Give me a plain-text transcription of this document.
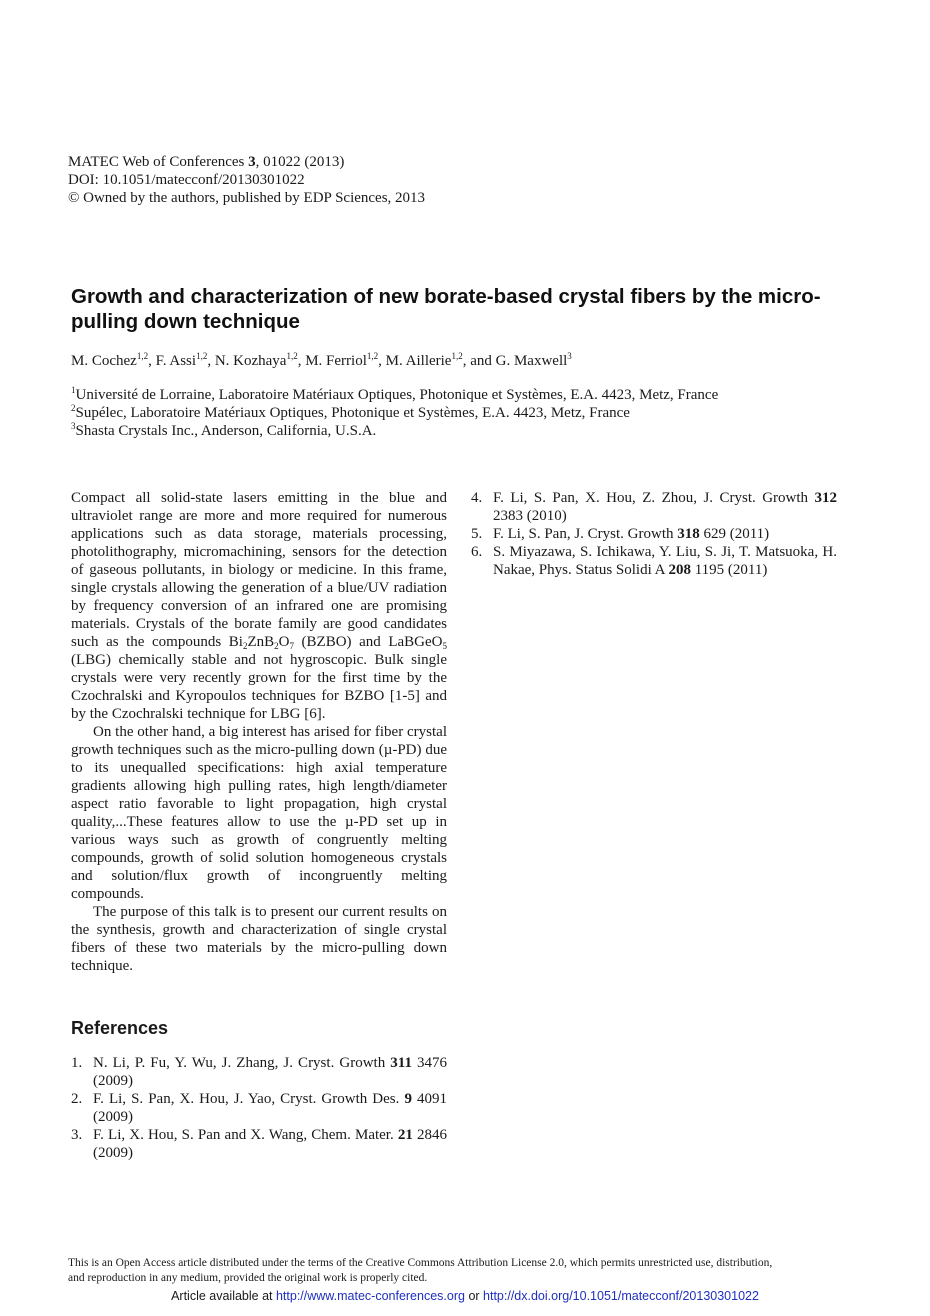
MATEC Web of Conferences 3, 01022 (2013)
DOI: 10.1051/matecconf/20130301022
© Owned by the authors, published by EDP Sciences, 2013
Growth and characterization of new borate-based crystal fibers by the micro-pulling down technique
M. Cochez$^{1,2}$, F. Assi$^{1,2}$, N. Kozhaya$^{1,2}$, M. Ferriol$^{1,2}$, M. Aillerie$^{1,2}$, and G. Maxwell$^3$
$^1$Université de Lorraine, Laboratoire Matériaux Optiques, Photonique et Systèmes, E.A. 4423, Metz, France
$^2$Supélec, Laboratoire Matériaux Optiques, Photonique et Systèmes, E.A. 4423, Metz, France
$^3$Shasta Crystals Inc., Anderson, California, U.S.A.

Compact all solid-state lasers emitting in the blue and ultraviolet range are more and more required for numerous applications such as data storage, materials processing, photolithography, micromachining, sensors for the detection of gaseous pollutants, in biology or medicine. In this frame, single crystals allowing the generation of a blue/UV radiation by frequency conversion of an infrared one are promising materials. Crystals of the borate family are good candidates such as the compounds $Bi_2ZnB_2O_7$ (BZBO) and LaBGeO$_5$ (LBG) chemically stable and not hygroscopic. Bulk single crystals were very recently grown for the first time by the Czochralski and Kyropoulos techniques for BZBO [1-5] and by the Czochralski technique for LBG [6].

On the other hand, a big interest has arised for fiber crystal growth techniques such as the micro-pulling down (µ-PD) due to its unequalled specifications: high axial temperature gradients allowing high pulling rates, high length/diameter aspect ratio favorable to light propagation, high crystal quality,...These features allow to use the µ-PD set up in various ways such as growth of congruently melting compounds, growth of solid solution homogeneous crystals and solution/flux growth of incongruently melting compounds.

The purpose of this talk is to present our current results on the synthesis, growth and characterization of single crystal fibers of these two materials by the micro-pulling down technique.

References
1. N. Li, P. Fu, Y. Wu, J. Zhang, J. Cryst. Growth 311 3476 (2009)
2. F. Li, S. Pan, X. Hou, J. Yao, Cryst. Growth Des. 9 4091 (2009)
3. F. Li, X. Hou, S. Pan and X. Wang, Chem. Mater. 21 2846 (2009)
4. F. Li, S. Pan, X. Hou, Z. Zhou, J. Cryst. Growth 312 2383 (2010)
5. F. Li, S. Pan, J. Cryst. Growth 318 629 (2011)
6. S. Miyazawa, S. Ichikawa, Y. Liu, S. Ji, T. Matsuoka, H. Nakae, Phys. Status Solidi A 208 1195 (2011)
This is an Open Access article distributed under the terms of the Creative Commons Attribution License 2.0, which permits unrestricted use, distribution,
and reproduction in any medium, provided the original work is properly cited.
Article available at http://www.matec-conferences.org or http://dx.doi.org/10.1051/matecconf/20130301022
